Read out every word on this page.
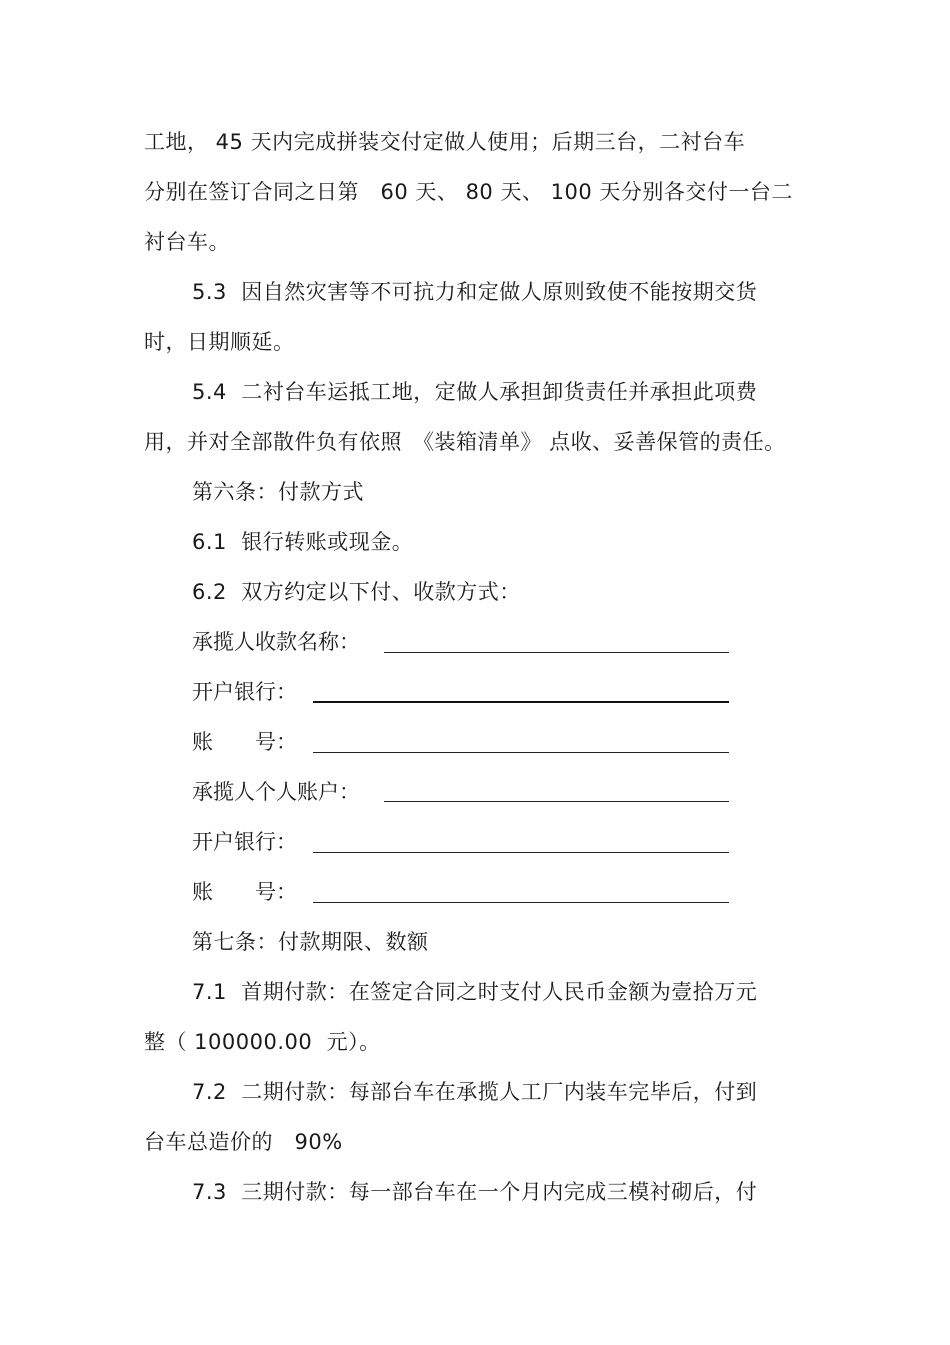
工地， 45 天内完成拼装交付定做人使用；后期三台，二衬台车
分别在签订合同之日第　60 天、 80 天、 100 天分别各交付一台二
衬台车。
5.3  因自然灾害等不可抗力和定做人原则致使不能按期交货
时，日期顺延。
5.4  二衬台车运抵工地，定做人承担卸货责任并承担此项费
用，并对全部散件负有依照　《装箱清单》 点收、妥善保管的责任。
第六条：付款方式
6.1  银行转账或现金。
6.2  双方约定以下付、收款方式：
承揽人收款名称：
开户银行：
账　　号：
承揽人个人账户：
开户银行：
账　　号：
第七条：付款期限、数额
7.1  首期付款：在签定合同之时支付人民币金额为壹拾万元
整（ 100000.00  元）。
7.2  二期付款：每部台车在承揽人工厂内装车完毕后，付到
台车总造价的　90%
7.3  三期付款：每一部台车在一个月内完成三模衬砌后，付
